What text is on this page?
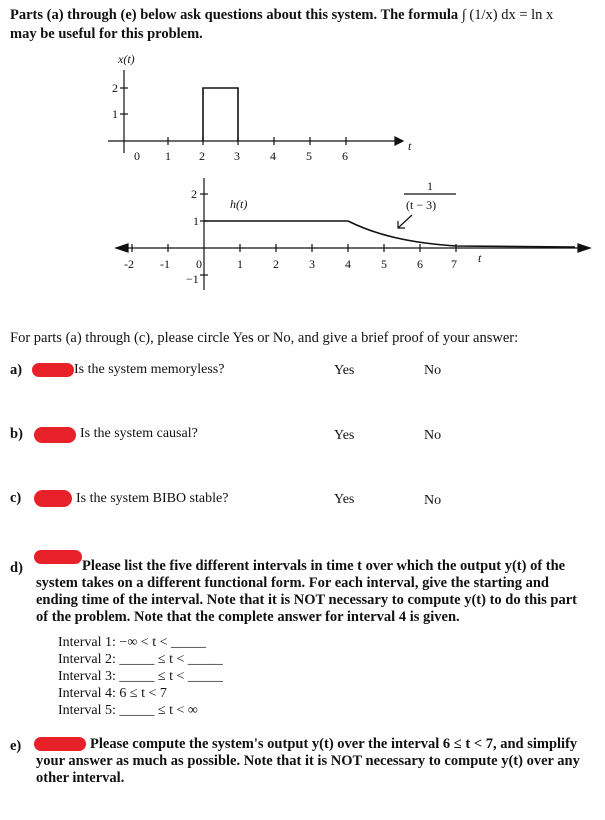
Parts (a) through (e) below ask questions about this system. The formula ∫ (1/x) dx = ln x
may be useful for this problem.
x(t)
2
1
0 1 2 3	4	5	6
t
h(t)
2
1
−1
-2 -1 0	1	2	3	4	5	6 7 t
1
(t − 3)
For parts (a) through (c), please circle Yes or No, and give a brief proof of your answer:
a)	Is the system memoryless?	Yes	No
b)	Is the system causal?	Yes	No
c)	Is the system BIBO stable?	Yes	No
d)	Please list the five different intervals in time t over which the output y(t) of the system takes on a different functional form. For each interval, give the starting and ending time of the interval. Note that it is NOT necessary to compute y(t) to do this part of the problem. Note that the complete answer for interval 4 is given.
Interval 1: −∞ < t < _____
Interval 2: _____ ≤ t < _____
Interval 3: _____ ≤ t < _____
Interval 4: 6 ≤ t < 7
Interval 5: _____ ≤ t < ∞
e)	Please compute the system's output y(t) over the interval 6 ≤ t < 7, and simplify your answer as much as possible. Note that it is NOT necessary to compute y(t) over any other interval.
